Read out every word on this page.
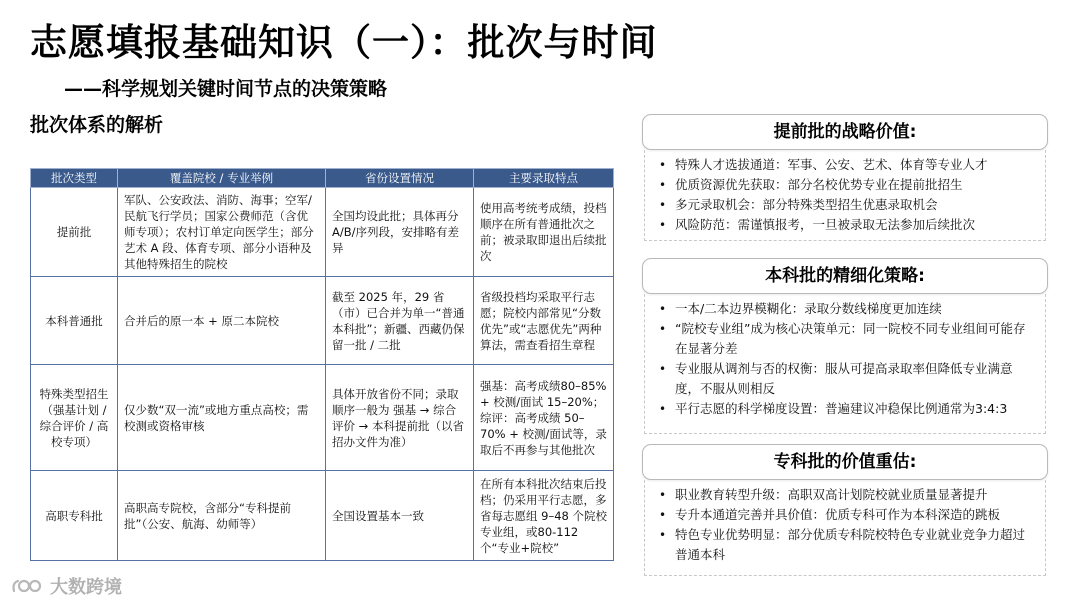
志愿填报基础知识（一）：批次与时间
——科学规划关键时间节点的决策策略
批次体系的解析
批次类型	覆盖院校 / 专业举例	省份设置情况	主要录取特点
提前批	军队、公安政法、消防、海事；空军/民航飞行学员；国家公费师范（含优师专项）；农村订单定向医学生；部分艺术 A 段、体育专项、部分小语种及其他特殊招生的院校	全国均设此批；具体再分 A/B/序列段，安排略有差异	使用高考统考成绩，投档顺序在所有普通批次之前；被录取即退出后续批次
本科普通批	合并后的原一本 + 原二本院校	截至 2025 年，29 省（市）已合并为单一“普通本科批”；新疆、西藏仍保留一批 / 二批	省级投档均采取平行志愿；院校内部常见“分数优先”或“志愿优先”两种算法，需查看招生章程
特殊类型招生（强基计划 / 综合评价 / 高校专项）	仅少数“双一流”或地方重点高校；需校测或资格审核	具体开放省份不同；录取顺序一般为 强基 → 综合评价 → 本科提前批（以省招办文件为准）	强基：高考成绩80–85% + 校测/面试 15–20%；综评：高考成绩 50–70% + 校测/面试等，录取后不再参与其他批次
高职专科批	高职高专院校，含部分“专科提前批”（公安、航海、幼师等）	全国设置基本一致	在所有本科批次结束后投档；仍采用平行志愿，多省每志愿组 9–48 个院校专业组，或80-112个“专业+院校”
提前批的战略价值:
• 特殊人才选拔通道：军事、公安、艺术、体育等专业人才
• 优质资源优先获取：部分名校优势专业在提前批招生
• 多元录取机会：部分特殊类型招生优惠录取机会
• 风险防范：需谨慎报考，一旦被录取无法参加后续批次
本科批的精细化策略:
• 一本/二本边界模糊化：录取分数线梯度更加连续
• “院校专业组”成为核心决策单元：同一院校不同专业组间可能存在显著分差
• 专业服从调剂与否的权衡：服从可提高录取率但降低专业满意度，不服从则相反
• 平行志愿的科学梯度设置：普遍建议冲稳保比例通常为3:4:3
专科批的价值重估:
• 职业教育转型升级：高职双高计划院校就业质量显著提升
• 专升本通道完善并具价值：优质专科可作为本科深造的跳板
• 特色专业优势明显：部分优质专科院校特色专业就业竞争力超过普通本科
大数跨境
